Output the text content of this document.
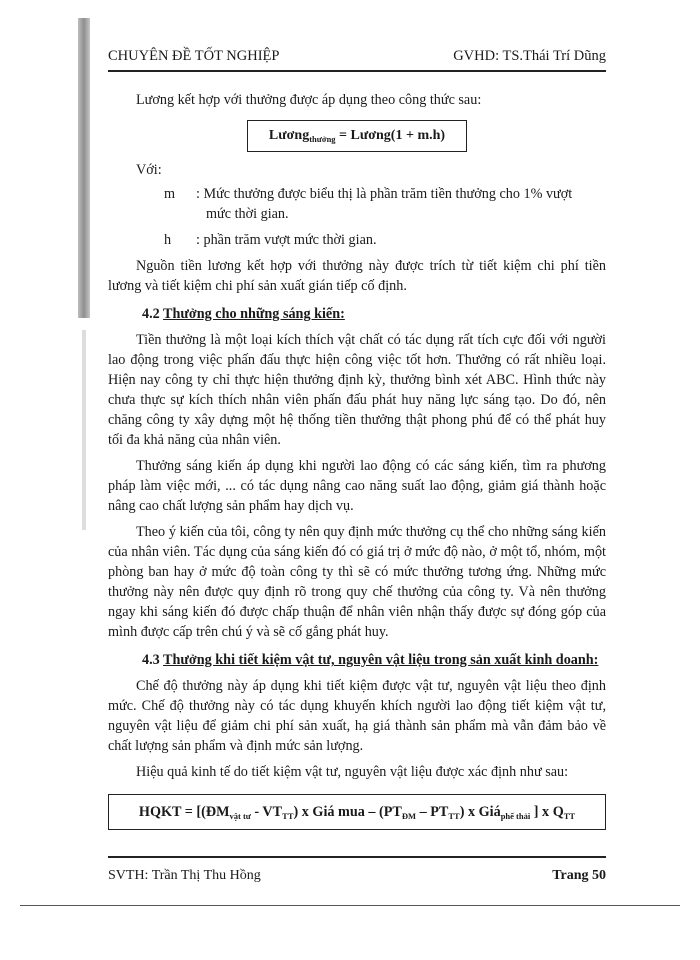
CHUYÊN ĐỀ TỐT NGHIỆP	GVHD: TS.Thái Trí Dũng

Lương kết hợp với thưởng được áp dụng theo công thức sau:

Lương$_{thưởng}$ = Lương(1 + m.h)

Với:

m : Mức thưởng được biểu thị là phần trăm tiền thưởng cho 1% vượt

mức thời gian.

h : phần trăm vượt mức thời gian.

Nguồn tiền lương kết hợp với thưởng này được trích từ tiết kiệm chi phí tiền lương và tiết kiệm chi phí sản xuất gián tiếp cố định.

4.2 Thưởng cho những sáng kiến:

Tiền thưởng là một loại kích thích vật chất có tác dụng rất tích cực đối với người lao động trong việc phấn đấu thực hiện công việc tốt hơn. Thưởng có rất nhiều loại. Hiện nay công ty chỉ thực hiện thưởng định kỳ, thưởng bình xét ABC. Hình thức này chưa thực sự kích thích nhân viên phấn đấu phát huy năng lực sáng tạo. Do đó, nên chăng công ty xây dựng một hệ thống tiền thưởng thật phong phú để có thể phát huy tối đa khả năng của nhân viên.

Thưởng sáng kiến áp dụng khi người lao động có các sáng kiến, tìm ra phương pháp làm việc mới, ... có tác dụng nâng cao năng suất lao động, giảm giá thành hoặc nâng cao chất lượng sản phẩm hay dịch vụ.

Theo ý kiến của tôi, công ty nên quy định mức thưởng cụ thể cho những sáng kiến của nhân viên. Tác dụng của sáng kiến đó có giá trị ở mức độ nào, ở một tổ, nhóm, một phòng ban hay ở mức độ toàn công ty thì sẽ có mức thưởng tương ứng. Những mức thưởng này nên được quy định rõ trong quy chế thưởng của công ty. Và nên thưởng ngay khi sáng kiến đó được chấp thuận để nhân viên nhận thấy được sự đóng góp của mình được cấp trên chú ý và sẽ cố gắng phát huy.

4.3 Thưởng khi tiết kiệm vật tư, nguyên vật liệu trong sản xuất kinh doanh:

Chế độ thưởng này áp dụng khi tiết kiệm được vật tư, nguyên vật liệu theo định mức. Chế độ thưởng này có tác dụng khuyến khích người lao động tiết kiệm vật tư, nguyên vật liệu để giảm chi phí sản xuất, hạ giá thành sản phẩm mà vẫn đảm bảo về chất lượng sản phẩm và định mức sản lượng.

Hiệu quả kinh tế do tiết kiệm vật tư, nguyên vật liệu được xác định như sau:

HQKT = [$(ĐM_{vật tư} - VT_{TT})$ x Giá mua – $(PT_{ĐM} - PT_{TT})$ x Giá$_{phế thải}$ ] x $Q_{TT}$
SVTH: Trần Thị Thu Hồng	Trang 50
